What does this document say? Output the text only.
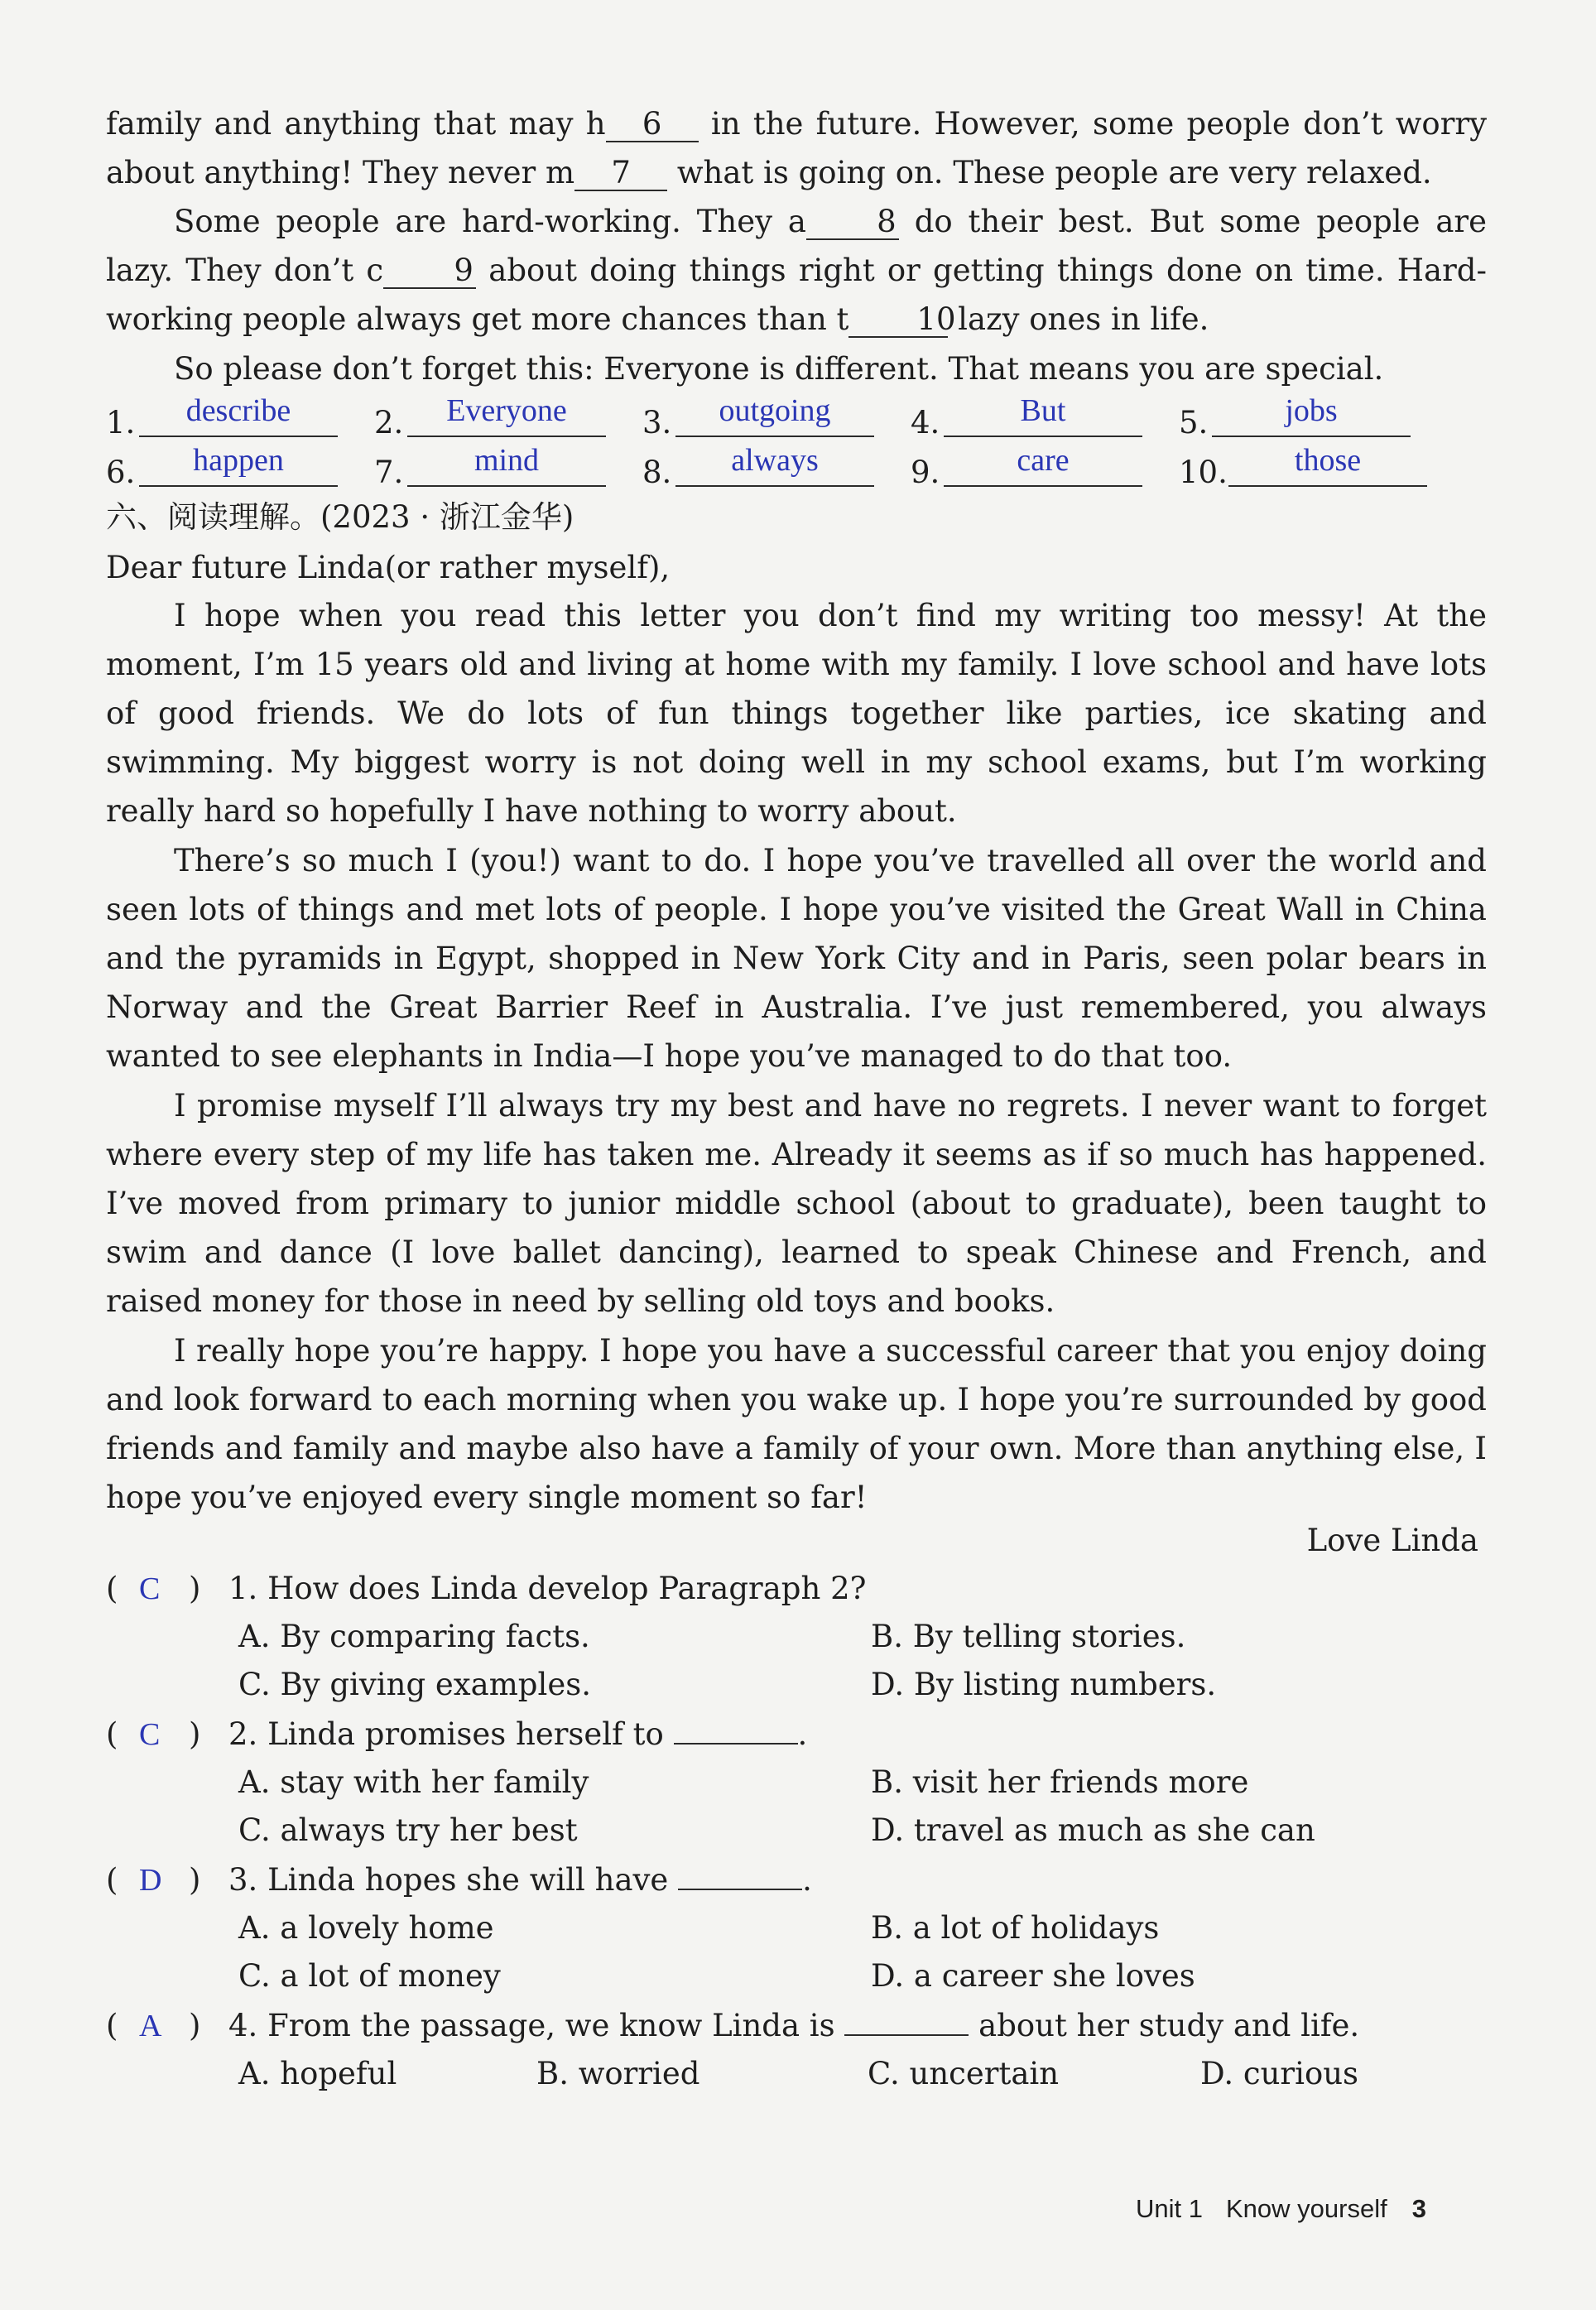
family and anything that may h 6 in the future. However, some people don’t worry about anything! They never m 7 what is going on. These people are very relaxed.

Some people are hard-working. They a 8 do their best. But some people are lazy. They don’t c 9 about doing things right or getting things done on time. Hard-working people always get more chances than t 10 lazy ones in life.

So please don’t forget this: Everyone is different. That means you are special.

1.	describe	2.	Everyone	3.	outgoing	4.	But	5.	jobs
6.	happen	7.	mind	8.	always	9.	care	10.	those
六、阅读理解。(2023 · 浙江金华)

Dear future Linda(or rather myself),

I hope when you read this letter you don’t find my writing too messy! At the moment, I’m 15 years old and living at home with my family. I love school and have lots of good friends. We do lots of fun things together like parties, ice skating and swimming. My biggest worry is not doing well in my school exams, but I’m working really hard so hopefully I have nothing to worry about.

There’s so much I (you!) want to do. I hope you’ve travelled all over the world and seen lots of things and met lots of people. I hope you’ve visited the Great Wall in China and the pyramids in Egypt, shopped in New York City and in Paris, seen polar bears in Norway and the Great Barrier Reef in Australia. I’ve just remembered, you always wanted to see elephants in India—I hope you’ve managed to do that too.

I promise myself I’ll always try my best and have no regrets. I never want to forget where every step of my life has taken me. Already it seems as if so much has happened. I’ve moved from primary to junior middle school (about to graduate), been taught to swim and dance (I love ballet dancing), learned to speak Chinese and French, and raised money for those in need by selling old toys and books.

I really hope you’re happy. I hope you have a successful career that you enjoy doing and look forward to each morning when you wake up. I hope you’re surrounded by good friends and family and maybe also have a family of your own. More than anything else, I hope you’ve enjoyed every single moment so far!

Love Linda
( C ) 1. How does Linda develop Paragraph 2?
A. By comparing facts.	B. By telling stories.
C. By giving examples.	D. By listing numbers.
( C ) 2. Linda promises herself to	.
A. stay with her family	B. visit her friends more
C. always try her best	D. travel as much as she can
( D ) 3. Linda hopes she will have	.
A. a lovely home	B. a lot of holidays
C. a lot of money	D. a career she loves
( A ) 4. From the passage, we know Linda is	about her study and life.
A. hopeful	B. worried	C. uncertain	D. curious
Unit 1 Know yourself 3
